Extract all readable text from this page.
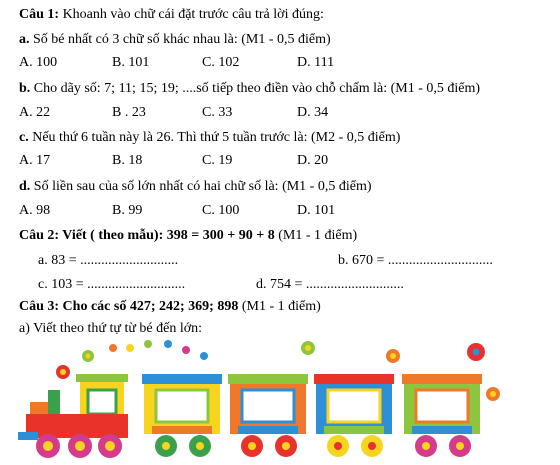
Câu 1: Khoanh vào chữ cái đặt trước câu trả lời đúng:
a. Số bé nhất có 3 chữ số khác nhau là: (M1 - 0,5 điểm)
A. 100	B. 101	C. 102	D. 111
b. Cho dãy số: 7; 11; 15; 19; ....số tiếp theo điền vào chỗ chấm là: (M1 - 0,5 điểm)
A. 22	B . 23	C. 33	D. 34
c. Nếu thứ 6 tuần này là 26. Thì thứ 5 tuần trước là: (M2 - 0,5 điểm)
A. 17	B. 18	C. 19	D. 20
d. Số liền sau của số lớn nhất có hai chữ số là: (M1 - 0,5 điểm)
A. 98	B. 99	C. 100	D. 101
Câu 2: Viết ( theo mẫu): 398 = 300 + 90 + 8 (M1 - 1 điểm)
a. 83 = ............................	b. 670 = ..............................
c. 103 = ............................	d. 754 = ............................
Câu 3: Cho các số 427; 242; 369; 898 (M1 - 1 điểm)
a) Viết theo thứ tự từ bé đến lớn:
